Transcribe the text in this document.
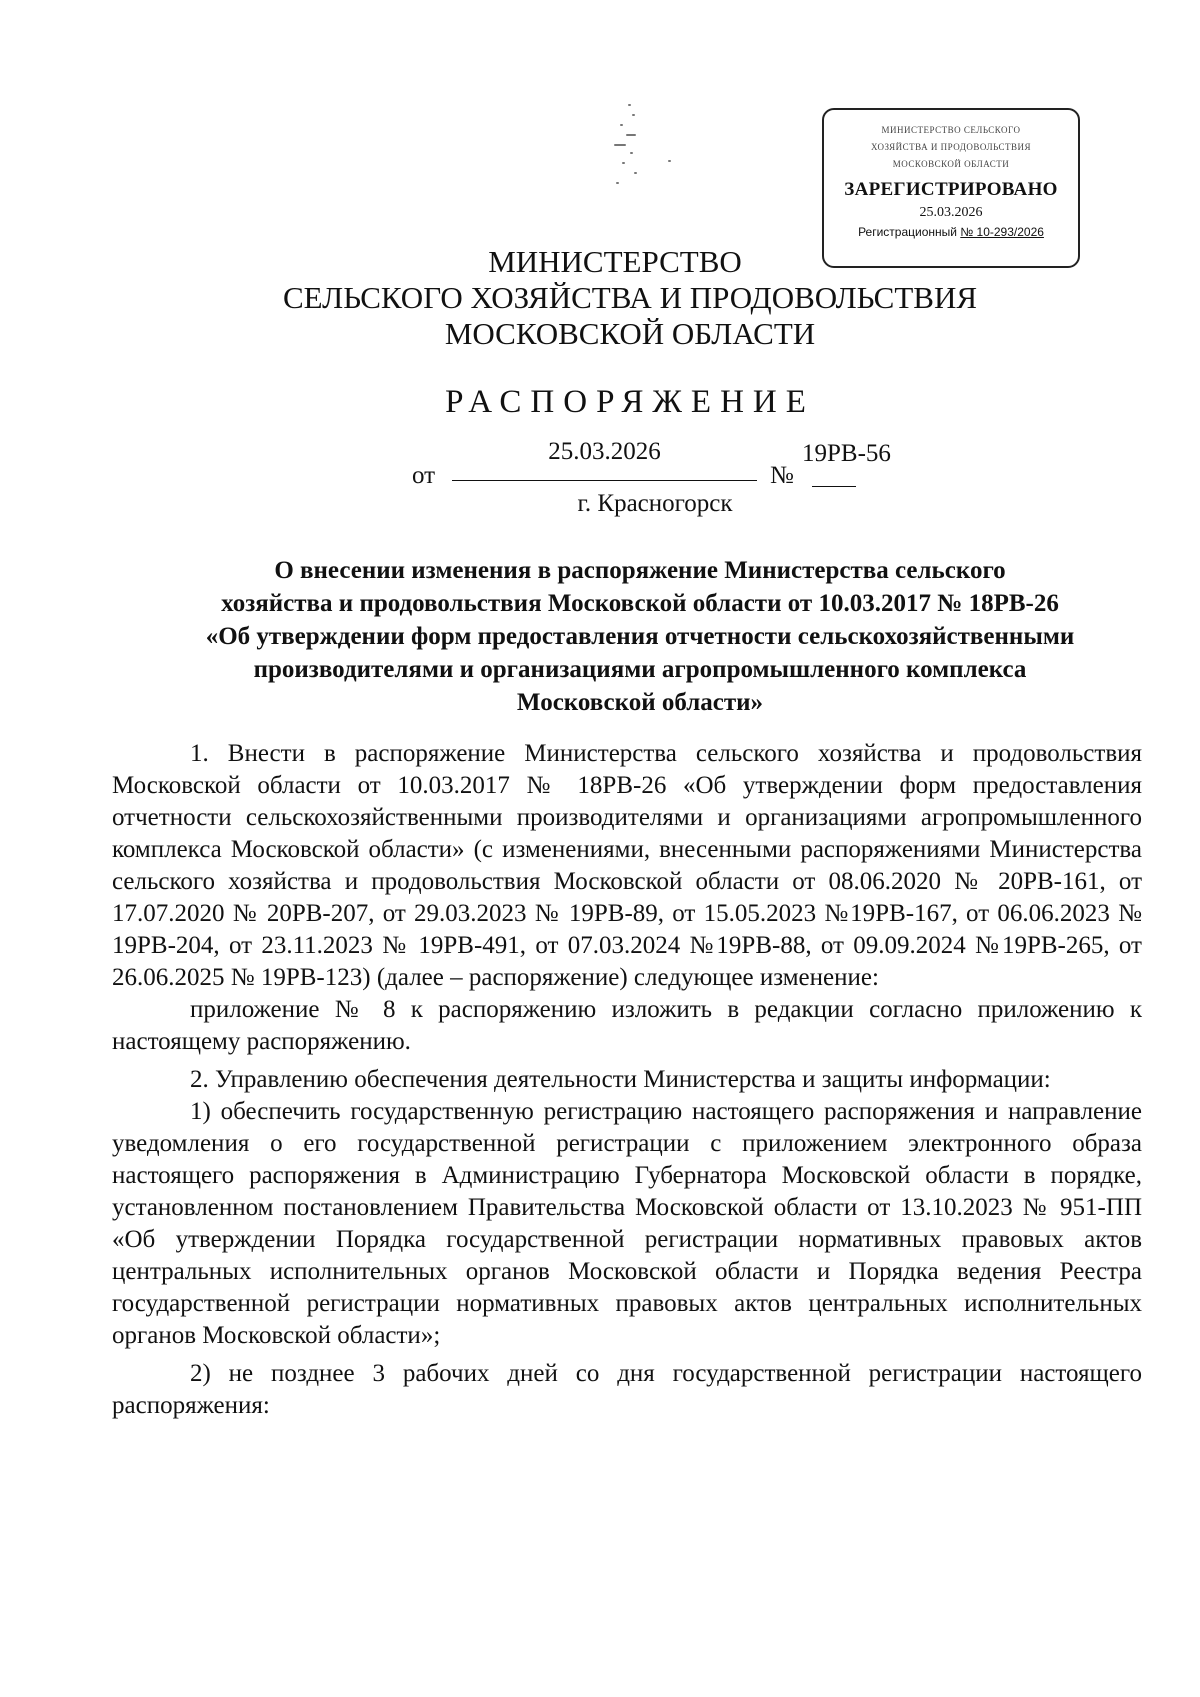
МИНИСТЕРСТВО СЕЛЬСКОГО
ХОЗЯЙСТВА И ПРОДОВОЛЬСТВИЯ
МОСКОВСКОЙ ОБЛАСТИ
ЗАРЕГИСТРИРОВАНО
25.03.2026
Регистрационный № 10-293/2026
МИНИСТЕРСТВО
СЕЛЬСКОГО ХОЗЯЙСТВА И ПРОДОВОЛЬСТВИЯ
МОСКОВСКОЙ ОБЛАСТИ
РАСПОРЯЖЕНИЕ
от
25.03.2026
№
19РВ-56
г. Красногорск
О внесении изменения в распоряжение Министерства сельского
хозяйства и продовольствия Московской области от 10.03.2017 № 18РВ-26
«Об утверждении форм предоставления отчетности сельскохозяйственными
производителями и организациями агропромышленного комплекса
Московской области»

1. Внести в распоряжение Министерства сельского хозяйства и продовольствия Московской области от 10.03.2017 № 18РВ-26 «Об утверждении форм предоставления отчетности сельскохозяйственными производителями и организациями агропромышленного комплекса Московской области» (с изменениями, внесенными распоряжениями Министерства сельского хозяйства и продовольствия Московской области от 08.06.2020 № 20РВ-161, от 17.07.2020 № 20РВ-207, от 29.03.2023 № 19РВ-89, от 15.05.2023 №19РВ-167, от 06.06.2023 № 19РВ-204, от 23.11.2023 № 19РВ-491, от 07.03.2024 №19РВ-88, от 09.09.2024 №19РВ-265, от 26.06.2025 № 19РВ-123) (далее – распоряжение) следующее изменение:

приложение № 8 к распоряжению изложить в редакции согласно приложению к настоящему распоряжению.

2. Управлению обеспечения деятельности Министерства и защиты информации:

1) обеспечить государственную регистрацию настоящего распоряжения и направление уведомления о его государственной регистрации с приложением электронного образа настоящего распоряжения в Администрацию Губернатора Московской области в порядке, установленном постановлением Правительства Московской области от 13.10.2023 № 951-ПП «Об утверждении Порядка государственной регистрации нормативных правовых актов центральных исполнительных органов Московской области и Порядка ведения Реестра государственной регистрации нормативных правовых актов центральных исполнительных органов Московской области»;

2) не позднее 3 рабочих дней со дня государственной регистрации настоящего распоряжения:
